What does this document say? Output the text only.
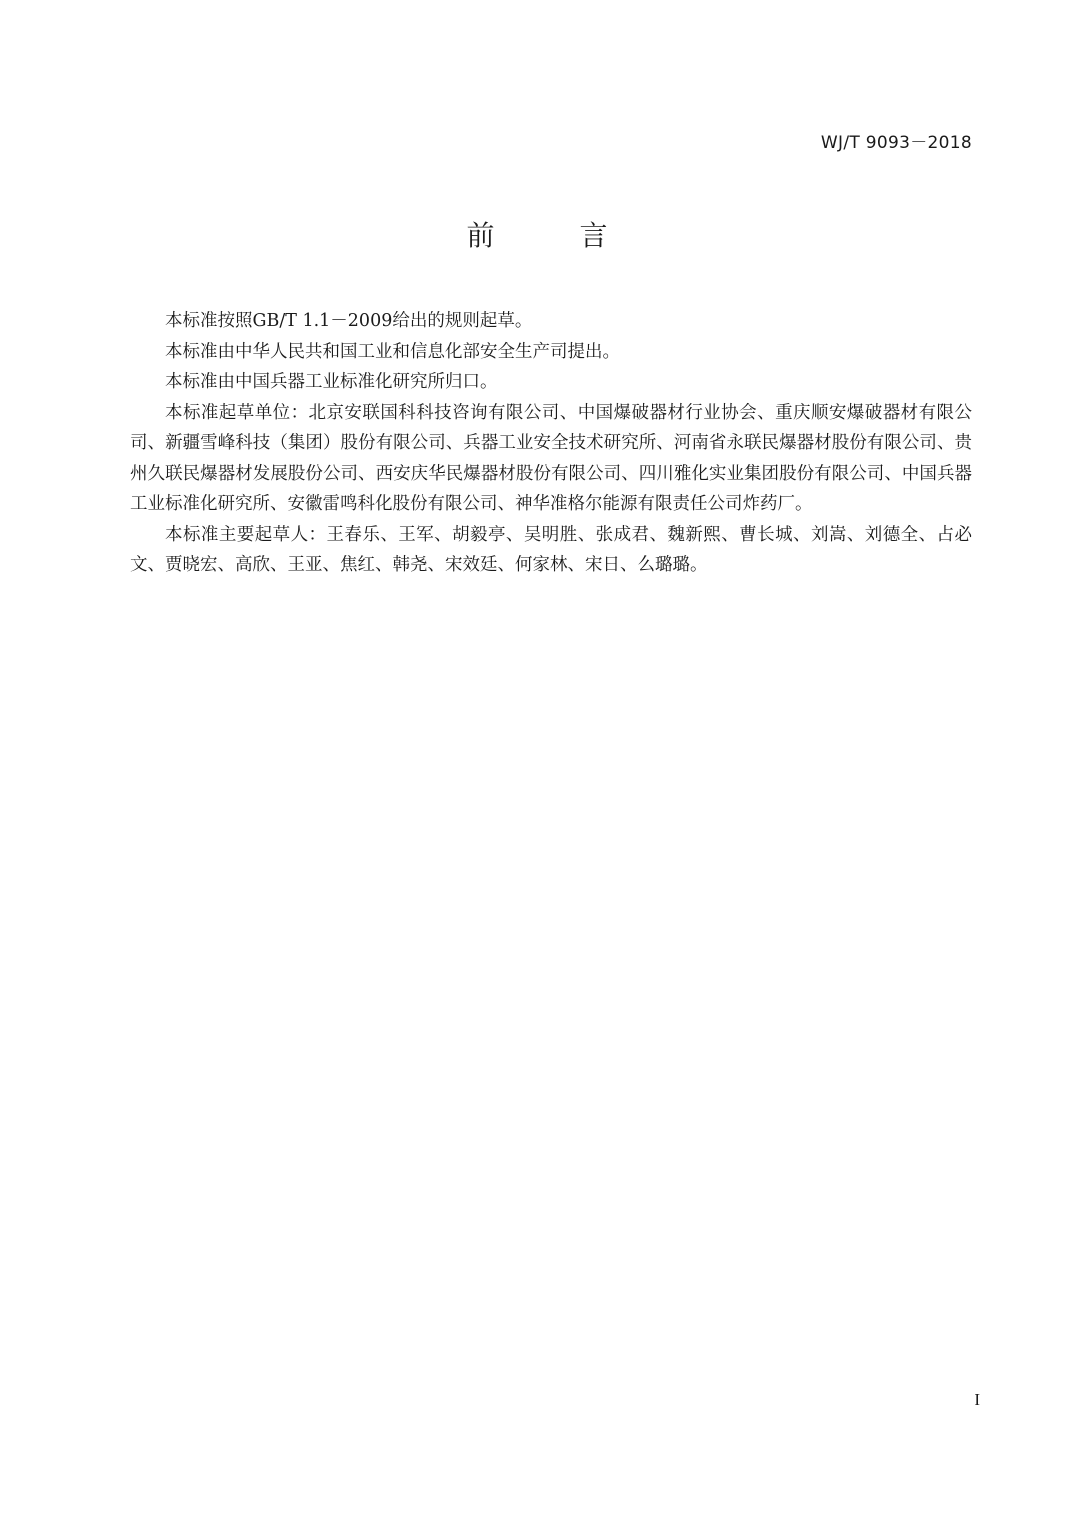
WJ/T 9093－2018
前 言

本标准按照GB/T 1.1－2009给出的规则起草。

本标准由中华人民共和国工业和信息化部安全生产司提出。

本标准由中国兵器工业标准化研究所归口。

本标准起草单位：北京安联国科科技咨询有限公司、中国爆破器材行业协会、重庆顺安爆破器材有限公司、新疆雪峰科技（集团）股份有限公司、兵器工业安全技术研究所、河南省永联民爆器材股份有限公司、贵州久联民爆器材发展股份公司、西安庆华民爆器材股份有限公司、四川雅化实业集团股份有限公司、中国兵器工业标准化研究所、安徽雷鸣科化股份有限公司、神华准格尔能源有限责任公司炸药厂。

本标准主要起草人：王春乐、王军、胡毅亭、吴明胜、张成君、魏新熙、曹长城、刘嵩、刘德全、占必文、贾晓宏、高欣、王亚、焦红、韩尧、宋效廷、何家林、宋日、么璐璐。

I
